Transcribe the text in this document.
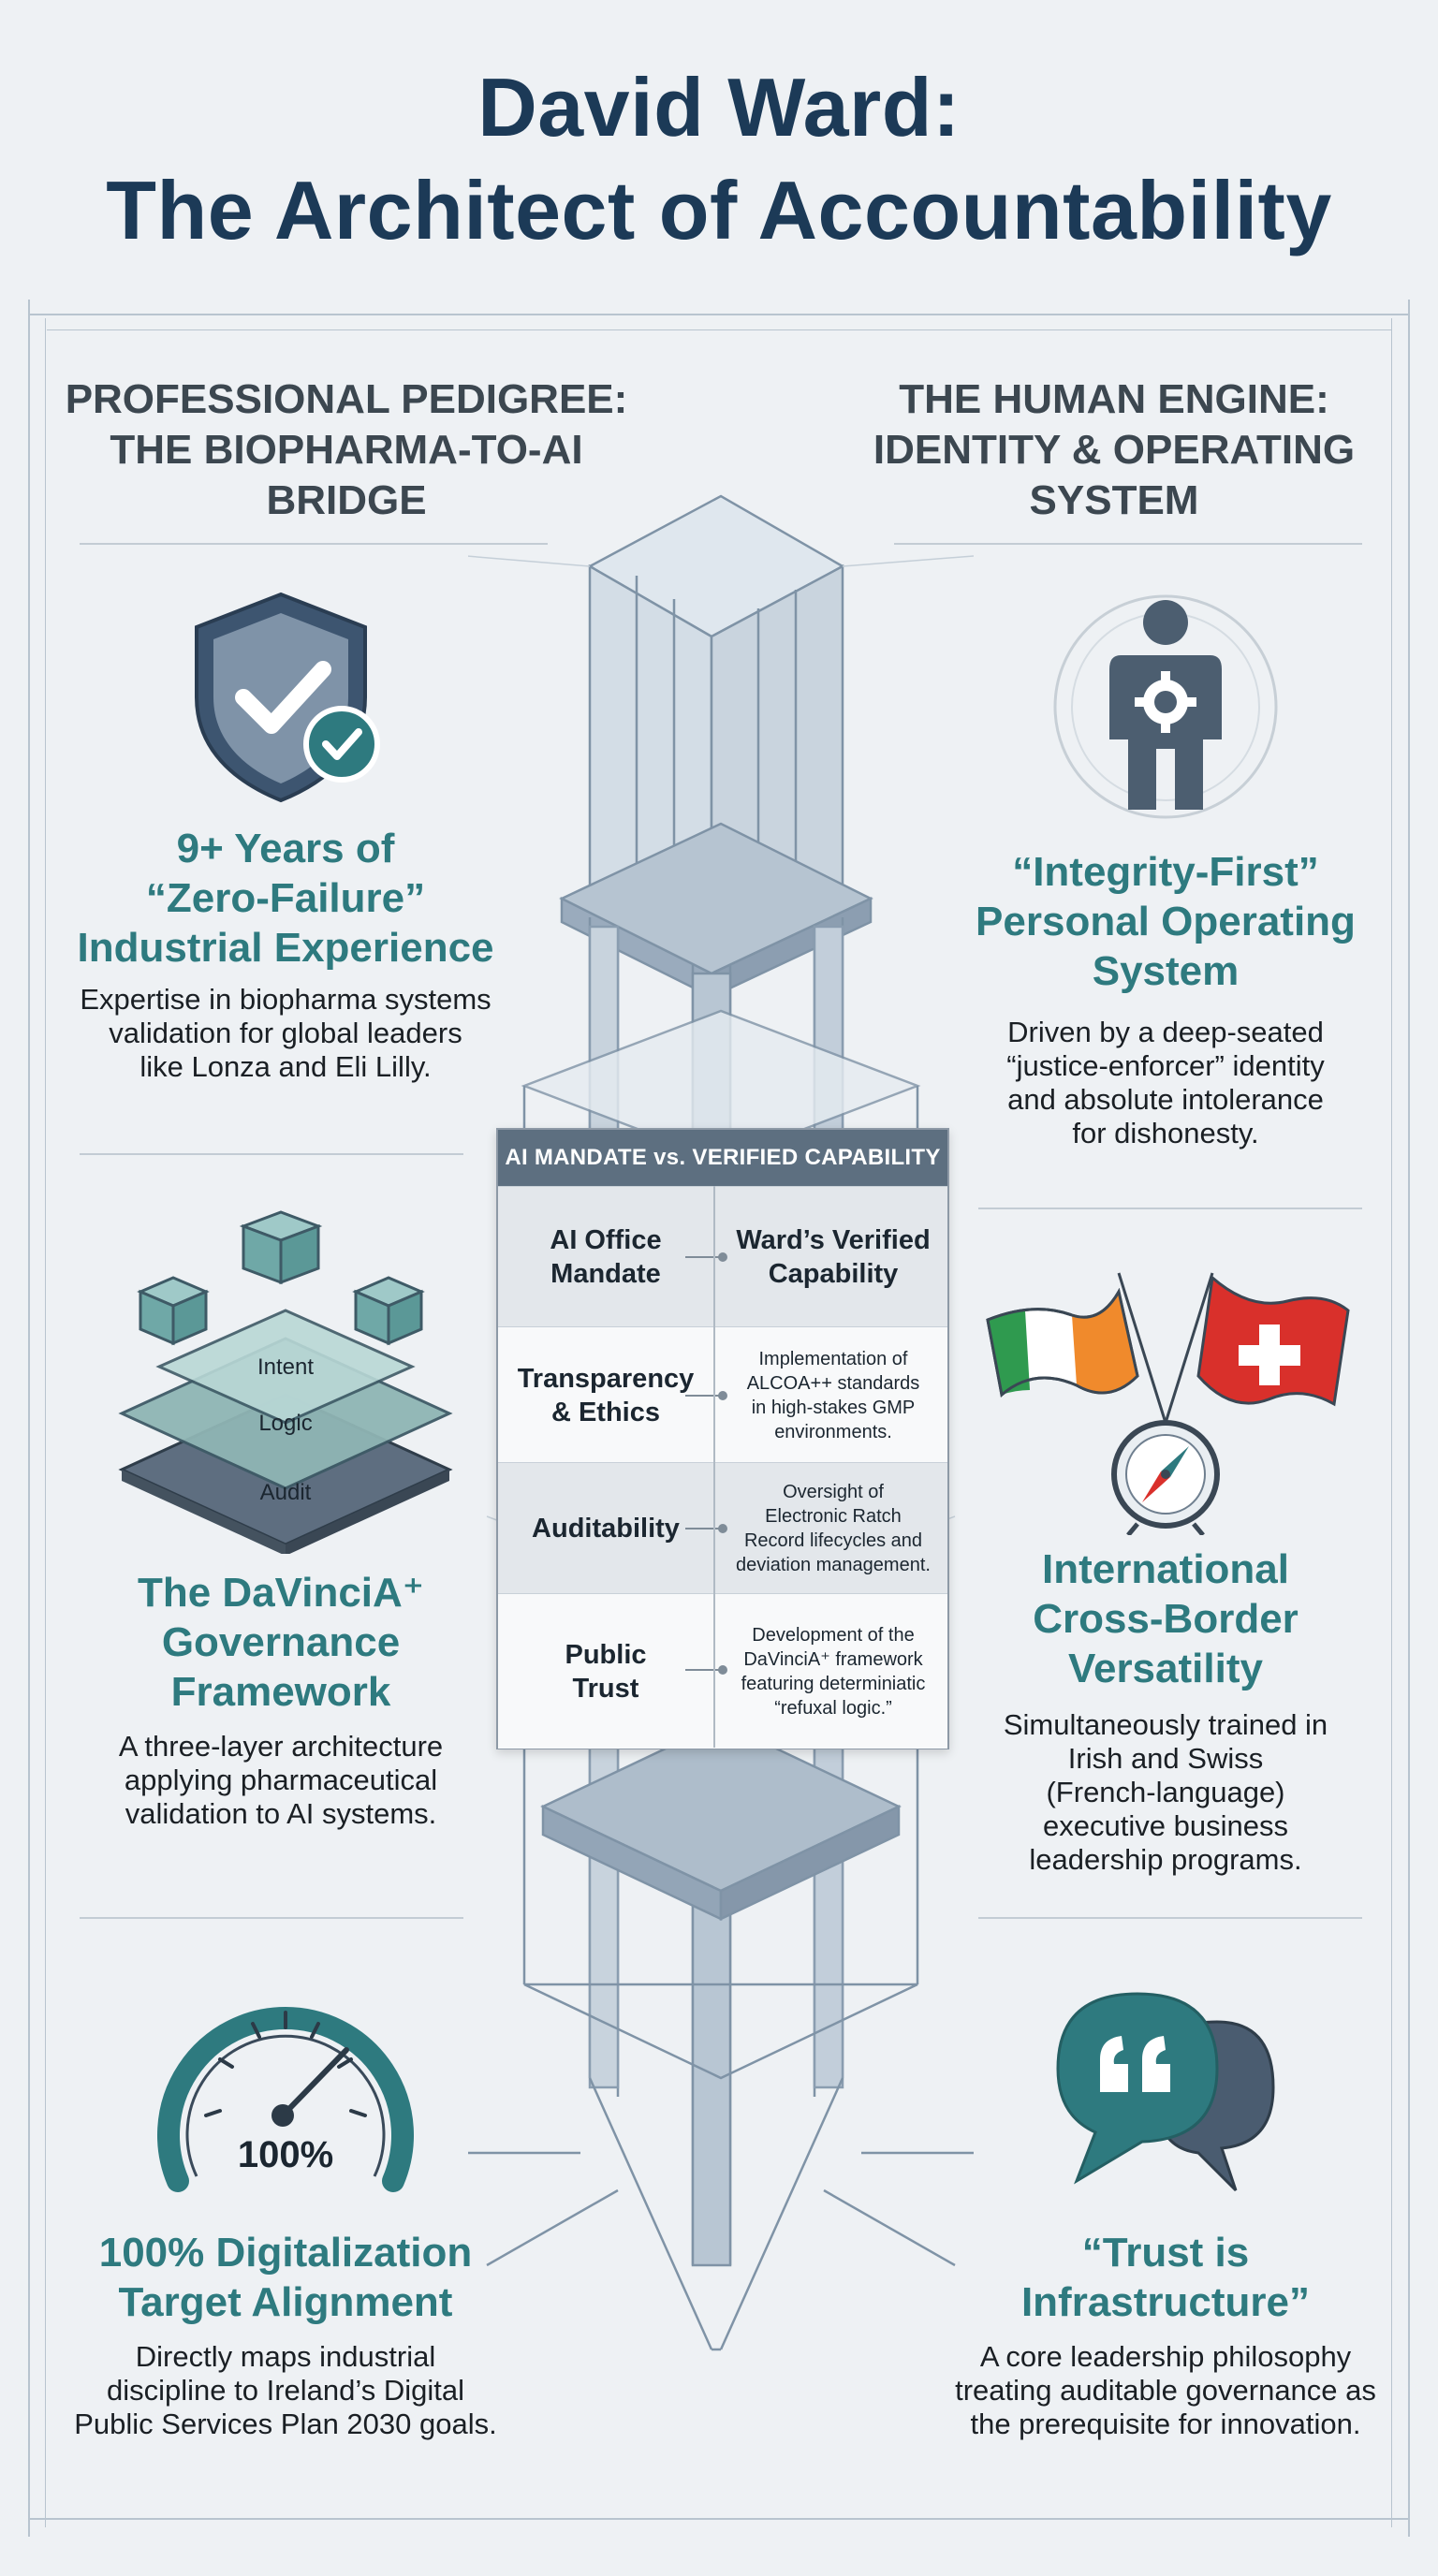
David Ward:
The Architect of Accountability
PROFESSIONAL PEDIGREE:
THE BIOPHARMA-TO-AI
BRIDGE
THE HUMAN ENGINE:
IDENTITY & OPERATING
SYSTEM
9+ Years of
“Zero-Failure”
Industrial Experience
Expertise in biopharma systems
validation for global leaders
like Lonza and Eli Lilly.
Intent
Logic
Audit
The DaVinciA⁺
Governance
Framework
A three-layer architecture
applying pharmaceutical
validation to AI systems.
100%
100% Digitalization
Target Alignment
Directly maps industrial
discipline to Ireland’s Digital
Public Services Plan 2030 goals.
“Integrity-First”
Personal Operating
System
Driven by a deep-seated
“justice-enforcer” identity
and absolute intolerance
for dishonesty.
International
Cross-Border
Versatility
Simultaneously trained in
Irish and Swiss
(French-language)
executive business
leadership programs.
“Trust is
Infrastructure”
A core leadership philosophy
treating auditable governance as
the prerequisite for innovation.
AI MANDATE vs. VERIFIED CAPABILITY
AI Office
Mandate
Ward’s Verified
Capability
Transparency
& Ethics
Implementation of
ALCOA++ standards
in high-stakes GMP
environments.
Auditability
Oversight of
Electronic Ratch
Record lifecycles and
deviation management.
Public
Trust
Development of the
DaVinciA⁺ framework
featuring determiniatic
“refuxal logic.”
